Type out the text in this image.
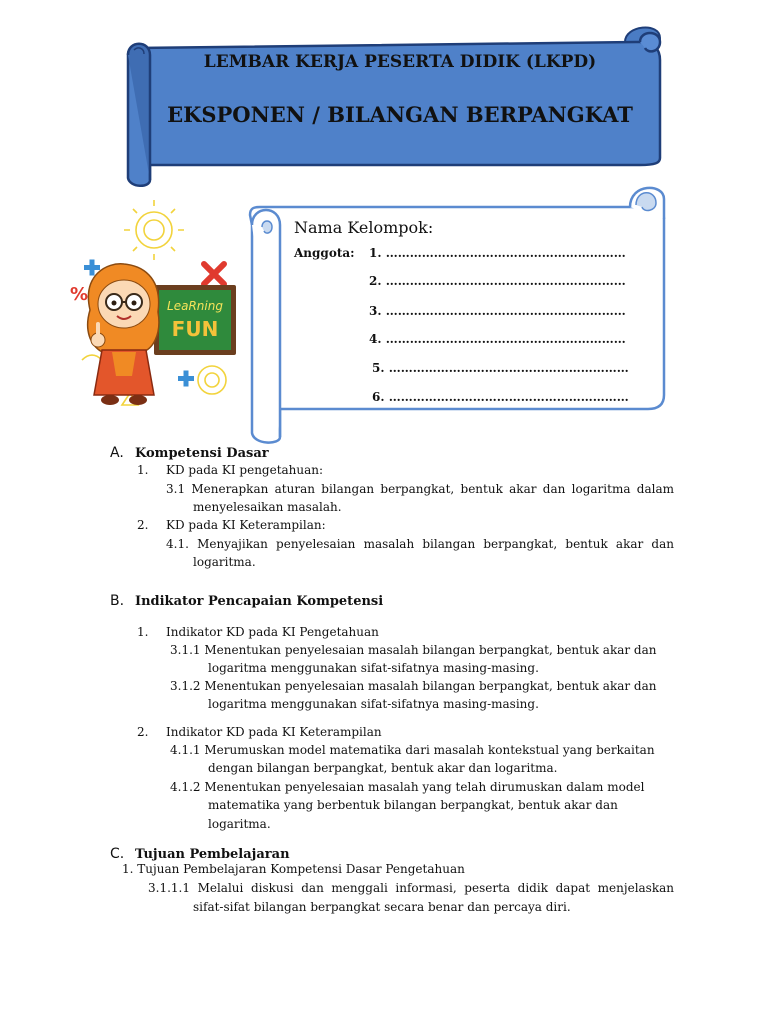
LEMBAR KERJA PESERTA DIDIK (LKPD)
EKSPONEN / BILANGAN BERPANGKAT
%
LeaRning
FUN
Nama Kelompok:
Anggota: 1. ……………………………………………………
2. ……………………………………………………
3. ……………………………………………………
4. ……………………………………………………
5. ……………………………………………………
6. ……………………………………………………
A. Kompetensi Dasar
1. KD pada KI pengetahuan:
3.1 Menerapkan aturan bilangan berpangkat, bentuk akar dan logaritma dalam
menyelesaikan masalah.
2. KD pada KI Keterampilan:
4.1. Menyajikan penyelesaian masalah bilangan berpangkat, bentuk akar dan
logaritma.
B. Indikator Pencapaian Kompetensi
1. Indikator KD pada KI Pengetahuan
3.1.1 Menentukan penyelesaian masalah bilangan berpangkat, bentuk akar dan
logaritma menggunakan sifat-sifatnya masing-masing.
3.1.2 Menentukan penyelesaian masalah bilangan berpangkat, bentuk akar dan
logaritma menggunakan sifat-sifatnya masing-masing.
2. Indikator KD pada KI Keterampilan
4.1.1 Merumuskan model matematika dari masalah kontekstual yang berkaitan
dengan bilangan berpangkat, bentuk akar dan logaritma.
4.1.2 Menentukan penyelesaian masalah yang telah dirumuskan dalam model
matematika yang berbentuk bilangan berpangkat, bentuk akar dan
logaritma.
C. Tujuan Pembelajaran
1. Tujuan Pembelajaran Kompetensi Dasar Pengetahuan
3.1.1.1 Melalui diskusi dan menggali informasi, peserta didik dapat menjelaskan
sifat-sifat bilangan berpangkat secara benar dan percaya diri.
